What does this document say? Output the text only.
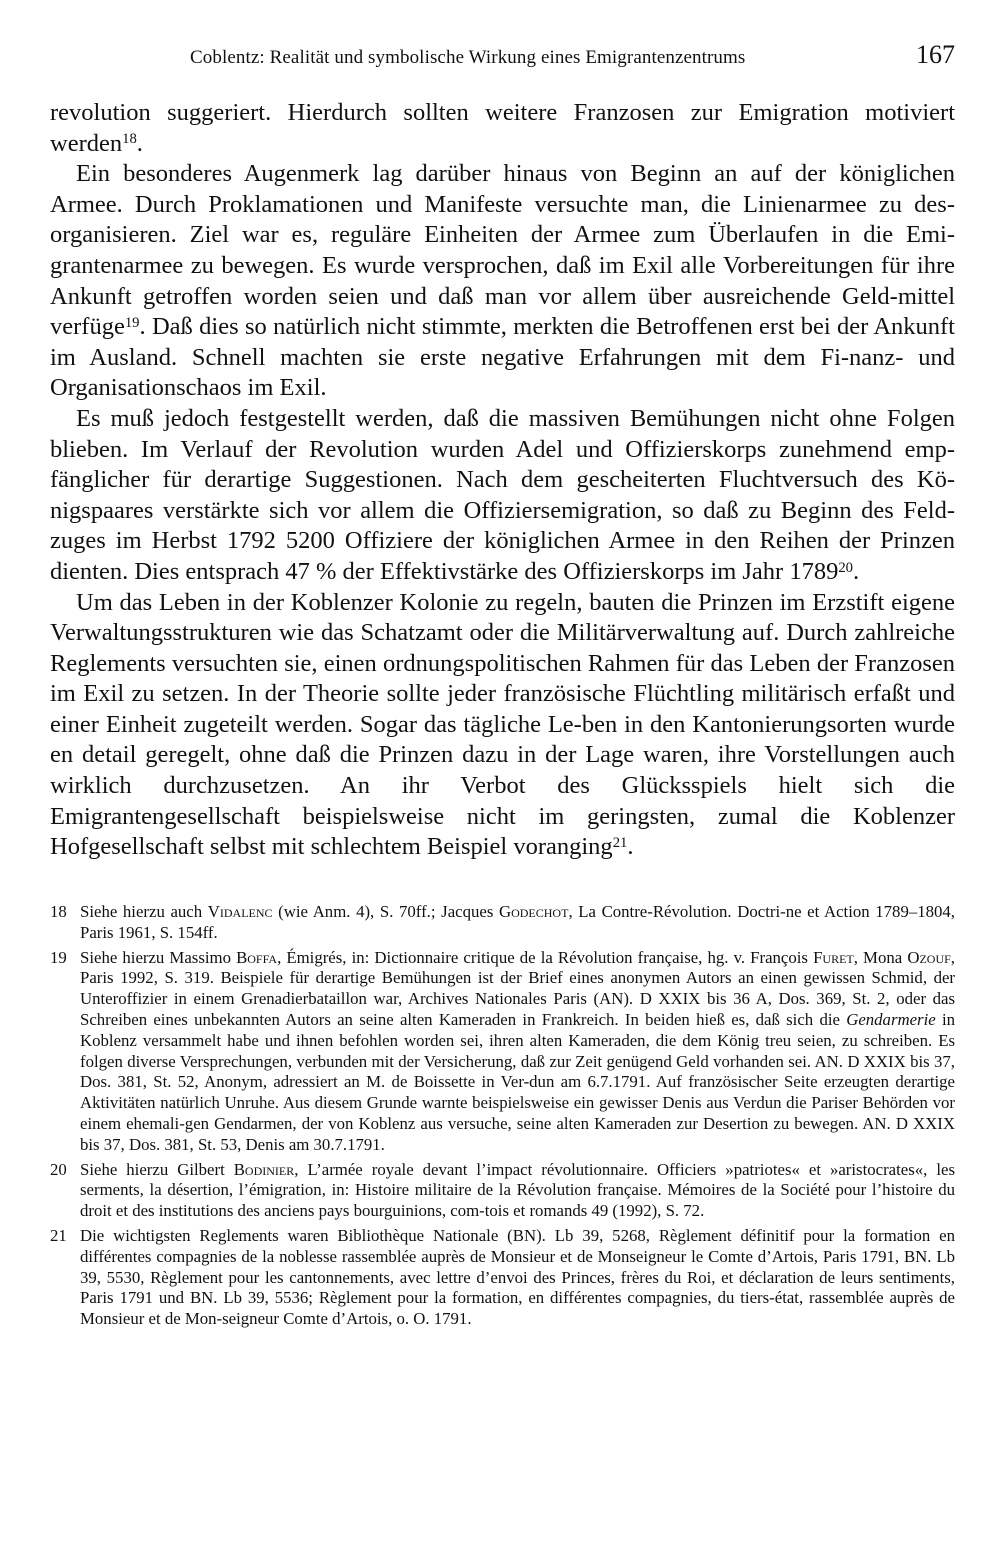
Coblentz: Realität und symbolische Wirkung eines Emigrantenzentrums	167

revolution suggeriert. Hierdurch sollten weitere Franzosen zur Emigration motiviert werden$^{18}$.

Ein besonderes Augenmerk lag darüber hinaus von Beginn an auf der königlichen Armee. Durch Proklamationen und Manifeste versuchte man, die Linienarmee zu des-organisieren. Ziel war es, reguläre Einheiten der Armee zum Überlaufen in die Emi-grantenarmee zu bewegen. Es wurde versprochen, daß im Exil alle Vorbereitungen für ihre Ankunft getroffen worden seien und daß man vor allem über ausreichende Geld-mittel verfüge$^{19}$. Daß dies so natürlich nicht stimmte, merkten die Betroffenen erst bei der Ankunft im Ausland. Schnell machten sie erste negative Erfahrungen mit dem Fi-nanz- und Organisationschaos im Exil.

Es muß jedoch festgestellt werden, daß die massiven Bemühungen nicht ohne Folgen blieben. Im Verlauf der Revolution wurden Adel und Offizierskorps zunehmend emp-fänglicher für derartige Suggestionen. Nach dem gescheiterten Fluchtversuch des Kö-nigspaares verstärkte sich vor allem die Offiziersemigration, so daß zu Beginn des Feld-zuges im Herbst 1792 5200 Offiziere der königlichen Armee in den Reihen der Prinzen dienten. Dies entsprach 47 % der Effektivstärke des Offizierskorps im Jahr 1789$^{20}$.

Um das Leben in der Koblenzer Kolonie zu regeln, bauten die Prinzen im Erzstift eigene Verwaltungsstrukturen wie das Schatzamt oder die Militärverwaltung auf. Durch zahlreiche Reglements versuchten sie, einen ordnungspolitischen Rahmen für das Leben der Franzosen im Exil zu setzen. In der Theorie sollte jeder französische Flüchtling militärisch erfaßt und einer Einheit zugeteilt werden. Sogar das tägliche Le-ben in den Kantonierungsorten wurde en detail geregelt, ohne daß die Prinzen dazu in der Lage waren, ihre Vorstellungen auch wirklich durchzusetzen. An ihr Verbot des Glücksspiels hielt sich die Emigrantengesellschaft beispielsweise nicht im geringsten, zumal die Koblenzer Hofgesellschaft selbst mit schlechtem Beispiel voranging$^{21}$.

18 Siehe hierzu auch Vidalenc (wie Anm. 4), S. 70ff.; Jacques Godechot, La Contre-Révolution. Doctri-ne et Action 1789–1804, Paris 1961, S. 154ff.
19 Siehe hierzu Massimo Boffa, Émigrés, in: Dictionnaire critique de la Révolution française, hg. v. François Furet, Mona Ozouf, Paris 1992, S. 319. Beispiele für derartige Bemühungen ist der Brief eines anonymen Autors an einen gewissen Schmid, der Unteroffizier in einem Grenadierbataillon war, Archives Nationales Paris (AN). D XXIX bis 36 A, Dos. 369, St. 2, oder das Schreiben eines unbekannten Autors an seine alten Kameraden in Frankreich. In beiden hieß es, daß sich die Gendarmerie in Koblenz versammelt habe und ihnen befohlen worden sei, ihren alten Kameraden, die dem König treu seien, zu schreiben. Es folgen diverse Versprechungen, verbunden mit der Versicherung, daß zur Zeit genügend Geld vorhanden sei. AN. D XXIX bis 37, Dos. 381, St. 52, Anonym, adressiert an M. de Boissette in Ver-dun am 6.7.1791. Auf französischer Seite erzeugten derartige Aktivitäten natürlich Unruhe. Aus diesem Grunde warnte beispielsweise ein gewisser Denis aus Verdun die Pariser Behörden vor einem ehemali-gen Gendarmen, der von Koblenz aus versuche, seine alten Kameraden zur Desertion zu bewegen. AN. D XXIX bis 37, Dos. 381, St. 53, Denis am 30.7.1791.
20 Siehe hierzu Gilbert Bodinier, L’armée royale devant l’impact révolutionnaire. Officiers »patriotes« et »aristocrates«, les serments, la désertion, l’émigration, in: Histoire militaire de la Révolution française. Mémoires de la Société pour l’histoire du droit et des institutions des anciens pays bourguinions, com-tois et romands 49 (1992), S. 72.
21 Die wichtigsten Reglements waren Bibliothèque Nationale (BN). Lb 39, 5268, Règlement définitif pour la formation en différentes compagnies de la noblesse rassemblée auprès de Monsieur et de Monseigneur le Comte d’Artois, Paris 1791, BN. Lb 39, 5530, Règlement pour les cantonnements, avec lettre d’envoi des Princes, frères du Roi, et déclaration de leurs sentiments, Paris 1791 und BN. Lb 39, 5536; Règlement pour la formation, en différentes compagnies, du tiers-état, rassemblée auprès de Monsieur et de Mon-seigneur Comte d’Artois, o. O. 1791.
